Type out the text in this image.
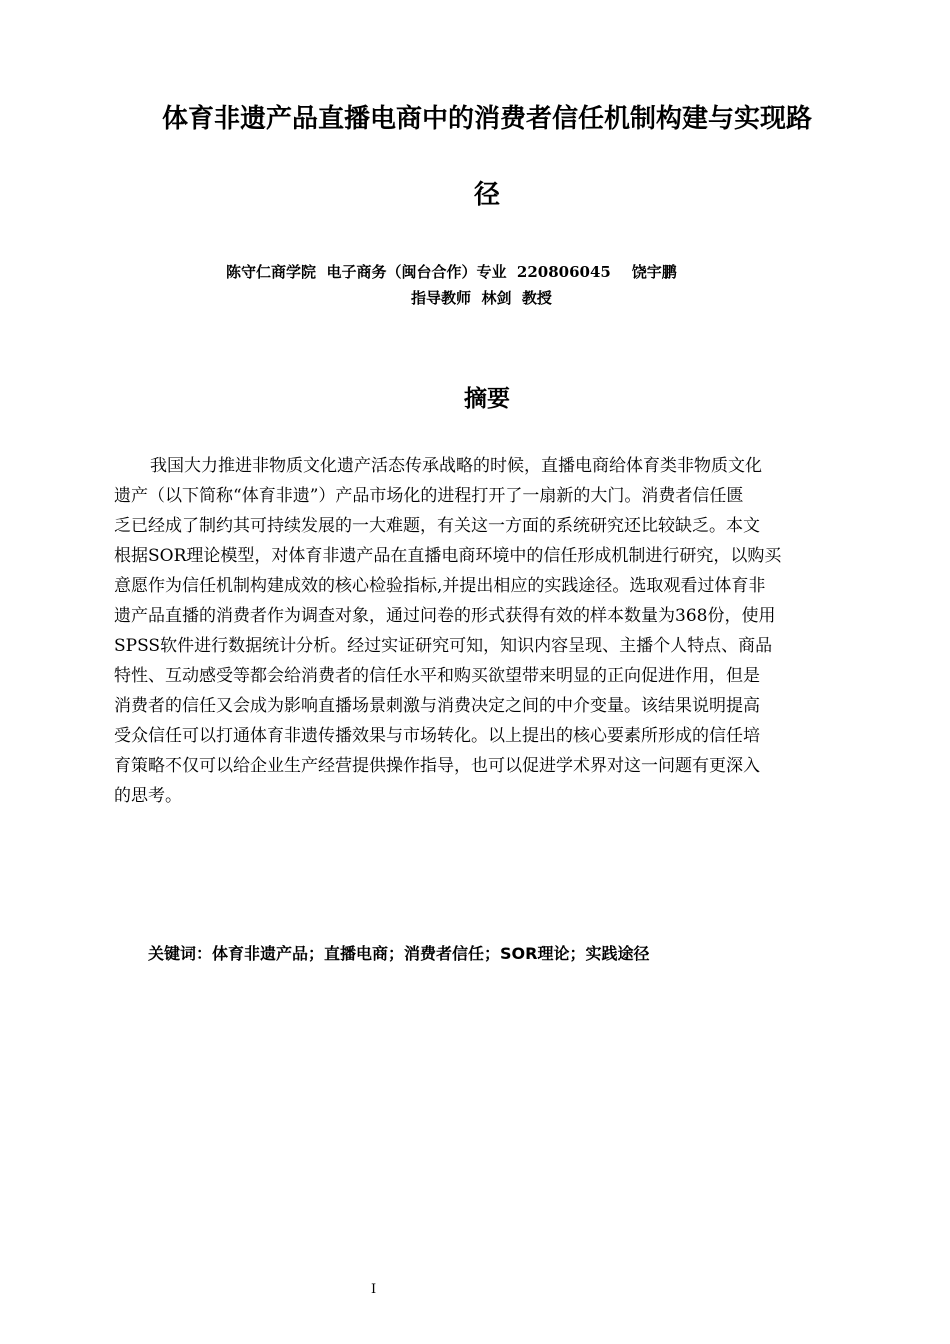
体育非遗产品直播电商中的消费者信任机制构建与实现路
径
陈守仁商学院  电子商务（闽台合作）专业  220806045    饶宇鹏
指导教师  林剑  教授
摘要
我国大力推进非物质文化遗产活态传承战略的时候，直播电商给体育类非物质文化
遗产（以下简称“体育非遗”）产品市场化的进程打开了一扇新的大门。消费者信任匮
乏已经成了制约其可持续发展的一大难题，有关这一方面的系统研究还比较缺乏。本文
根据SOR理论模型，对体育非遗产品在直播电商环境中的信任形成机制进行研究，以购买
意愿作为信任机制构建成效的核心检验指标,并提出相应的实践途径。选取观看过体育非
遗产品直播的消费者作为调查对象，通过问卷的形式获得有效的样本数量为368份，使用
SPSS软件进行数据统计分析。经过实证研究可知，知识内容呈现、主播个人特点、商品
特性、互动感受等都会给消费者的信任水平和购买欲望带来明显的正向促进作用，但是
消费者的信任又会成为影响直播场景刺激与消费决定之间的中介变量。该结果说明提高
受众信任可以打通体育非遗传播效果与市场转化。以上提出的核心要素所形成的信任培
育策略不仅可以给企业生产经营提供操作指导，也可以促进学术界对这一问题有更深入
的思考。
关键词：体育非遗产品；直播电商；消费者信任；SOR理论；实践途径
I
